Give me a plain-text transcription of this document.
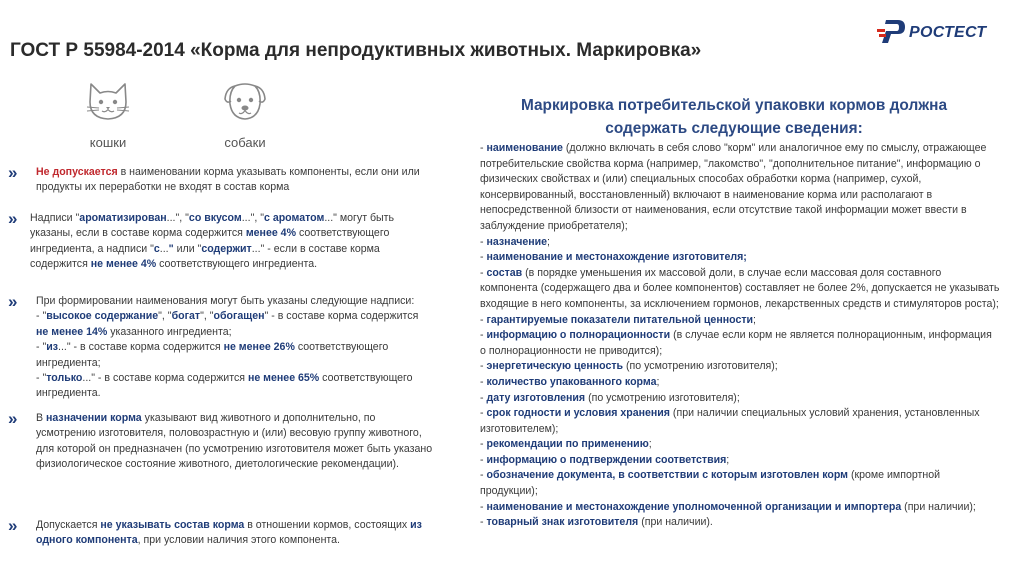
ГОСТ Р 55984-2014 «Корма для непродуктивных животных. Маркировка»
РОСТЕСТ
кошки	собаки
» Не допускается в наименовании корма указывать компоненты, если они или продукты их переработки не входят в состав корма
» Надписи "ароматизирован...", "со вкусом...", "с ароматом..." могут быть указаны, если в составе корма содержится менее 4% соответствующего ингредиента, а надписи "с..." или "содержит..." - если в составе корма содержится не менее 4% соответствующего ингредиента.
» При формировании наименования могут быть указаны следующие надписи:
- "высокое содержание", "богат", "обогащен" - в составе корма содержится не менее 14% указанного ингредиента;
- "из..." - в составе корма содержится не менее 26% соответствующего ингредиента;
- "только..." - в составе корма содержится не менее 65% соответствующего ингредиента.
» В назначении корма указывают вид животного и дополнительно, по усмотрению изготовителя, половозрастную и (или) весовую группу животного, для которой он предназначен (по усмотрению изготовителя может быть указано физиологическое состояние животного, диетологические рекомендации).
» Допускается не указывать состав корма в отношении кормов, состоящих из одного компонента, при условии наличия этого компонента.
Маркировка потребительской упаковки кормов должна
содержать следующие сведения:

- наименование (должно включать в себя слово "корм" или аналогичное ему по смыслу, отражающее потребительские свойства корма (например, "лакомство", "дополнительное питание", информацию о физических свойствах и (или) специальных способах обработки корма (например, сухой, консервированный, восстановленный) включают в наименование корма или располагают в непосредственной близости от наименования, если отсутствие такой информации может ввести в заблуждение приобретателя);

- назначение;

- наименование и местонахождение изготовителя;

- состав (в порядке уменьшения их массовой доли, в случае если массовая доля составного компонента (содержащего два и более компонентов) составляет не более 2%, допускается не указывать входящие в него компоненты, за исключением гормонов, лекарственных средств и стимуляторов роста);

- гарантируемые показатели питательной ценности;

- информацию о полнорационности (в случае если корм не является полнорационным, информация о полнорационности не приводится);

- энергетическую ценность (по усмотрению изготовителя);

- количество упакованного корма;

- дату изготовления (по усмотрению изготовителя);

- срок годности и условия хранения (при наличии специальных условий хранения, установленных изготовителем);

- рекомендации по применению;

- информацию о подтверждении соответствия;

- обозначение документа, в соответствии с которым изготовлен корм (кроме импортной продукции);

- наименование и местонахождение уполномоченной организации и импортера (при наличии);

- товарный знак изготовителя (при наличии).
